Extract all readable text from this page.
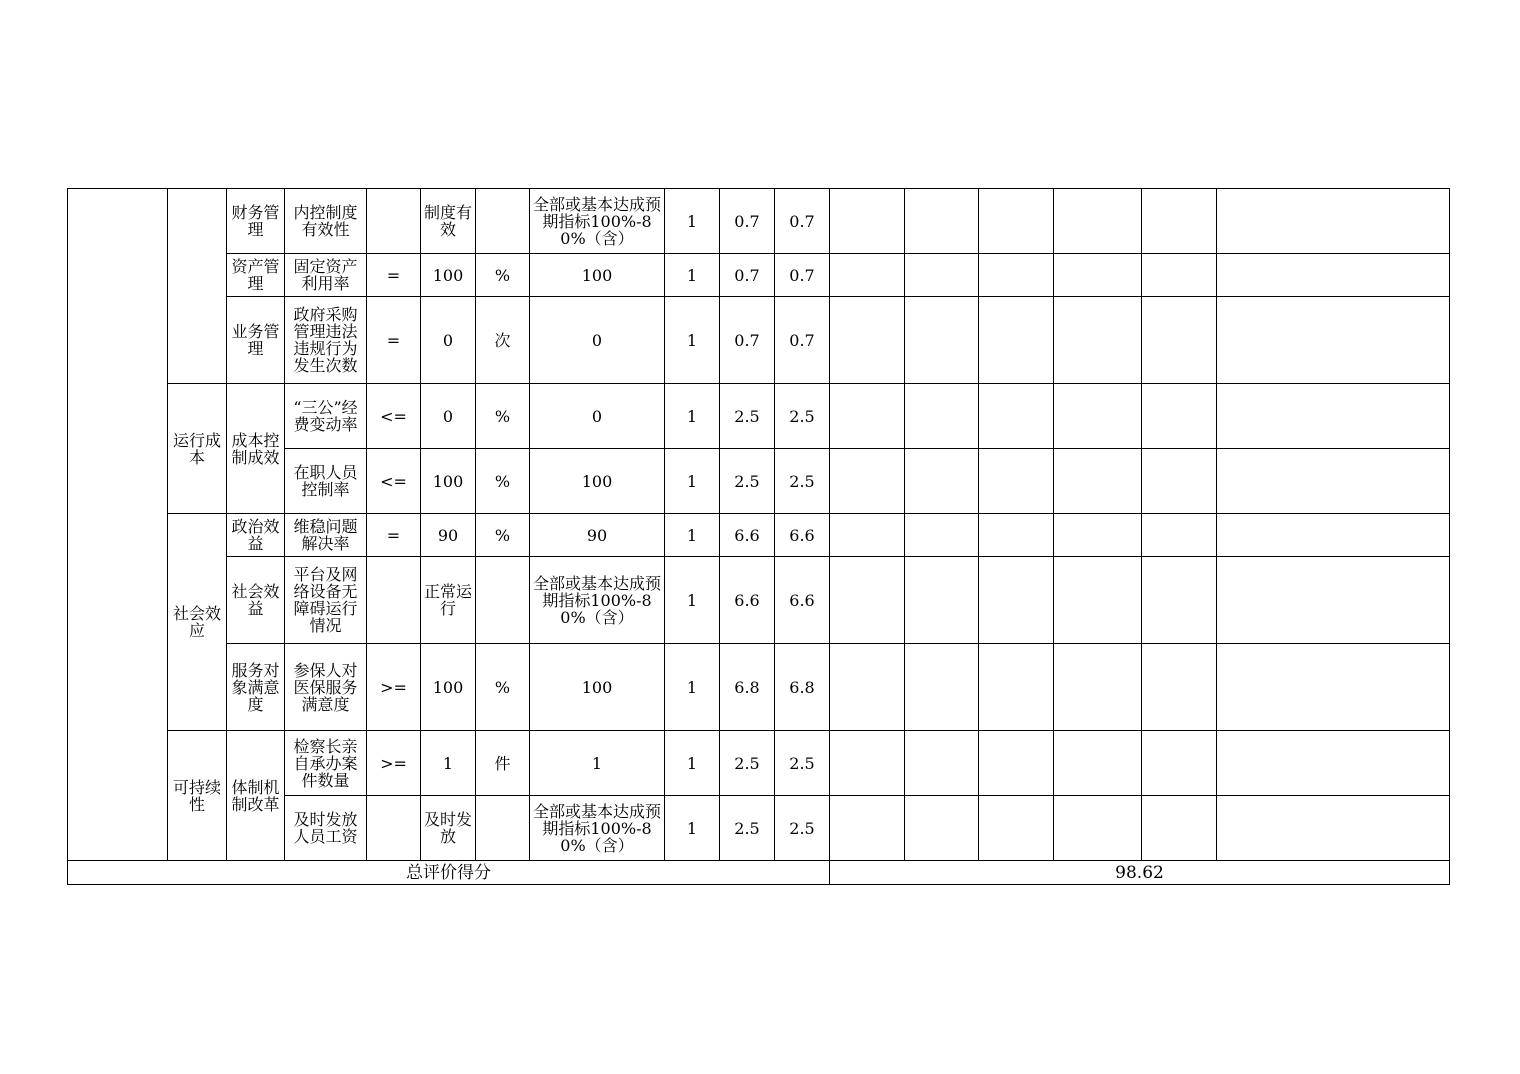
		财务管理	内控制度有效性		制度有效		全部或基本达成预期指标100%-80%（含）	1	0.7	0.7						
		资产管理	固定资产利用率	=	100	%	100	1	0.7	0.7						
		业务管理	政府采购管理违法违规行为发生次数	=	0	次	0	1	0.7	0.7						
	运行成本	成本控制成效	“三公”经费变动率	<=	0	%	0	1	2.5	2.5						
			在职人员控制率	<=	100	%	100	1	2.5	2.5						
	社会效应	政治效益	维稳问题解决率	=	90	%	90	1	6.6	6.6						
		社会效益	平台及网络设备无障碍运行情况		正常运行		全部或基本达成预期指标100%-80%（含）	1	6.6	6.6						
		服务对象满意度	参保人对医保服务满意度	>=	100	%	100	1	6.8	6.8						
	可持续性	体制机制改革	检察长亲自承办案件数量	>=	1	件	1	1	2.5	2.5						
			及时发放人员工资		及时发放		全部或基本达成预期指标100%-80%（含）	1	2.5	2.5						
总评价得分											98.62					
